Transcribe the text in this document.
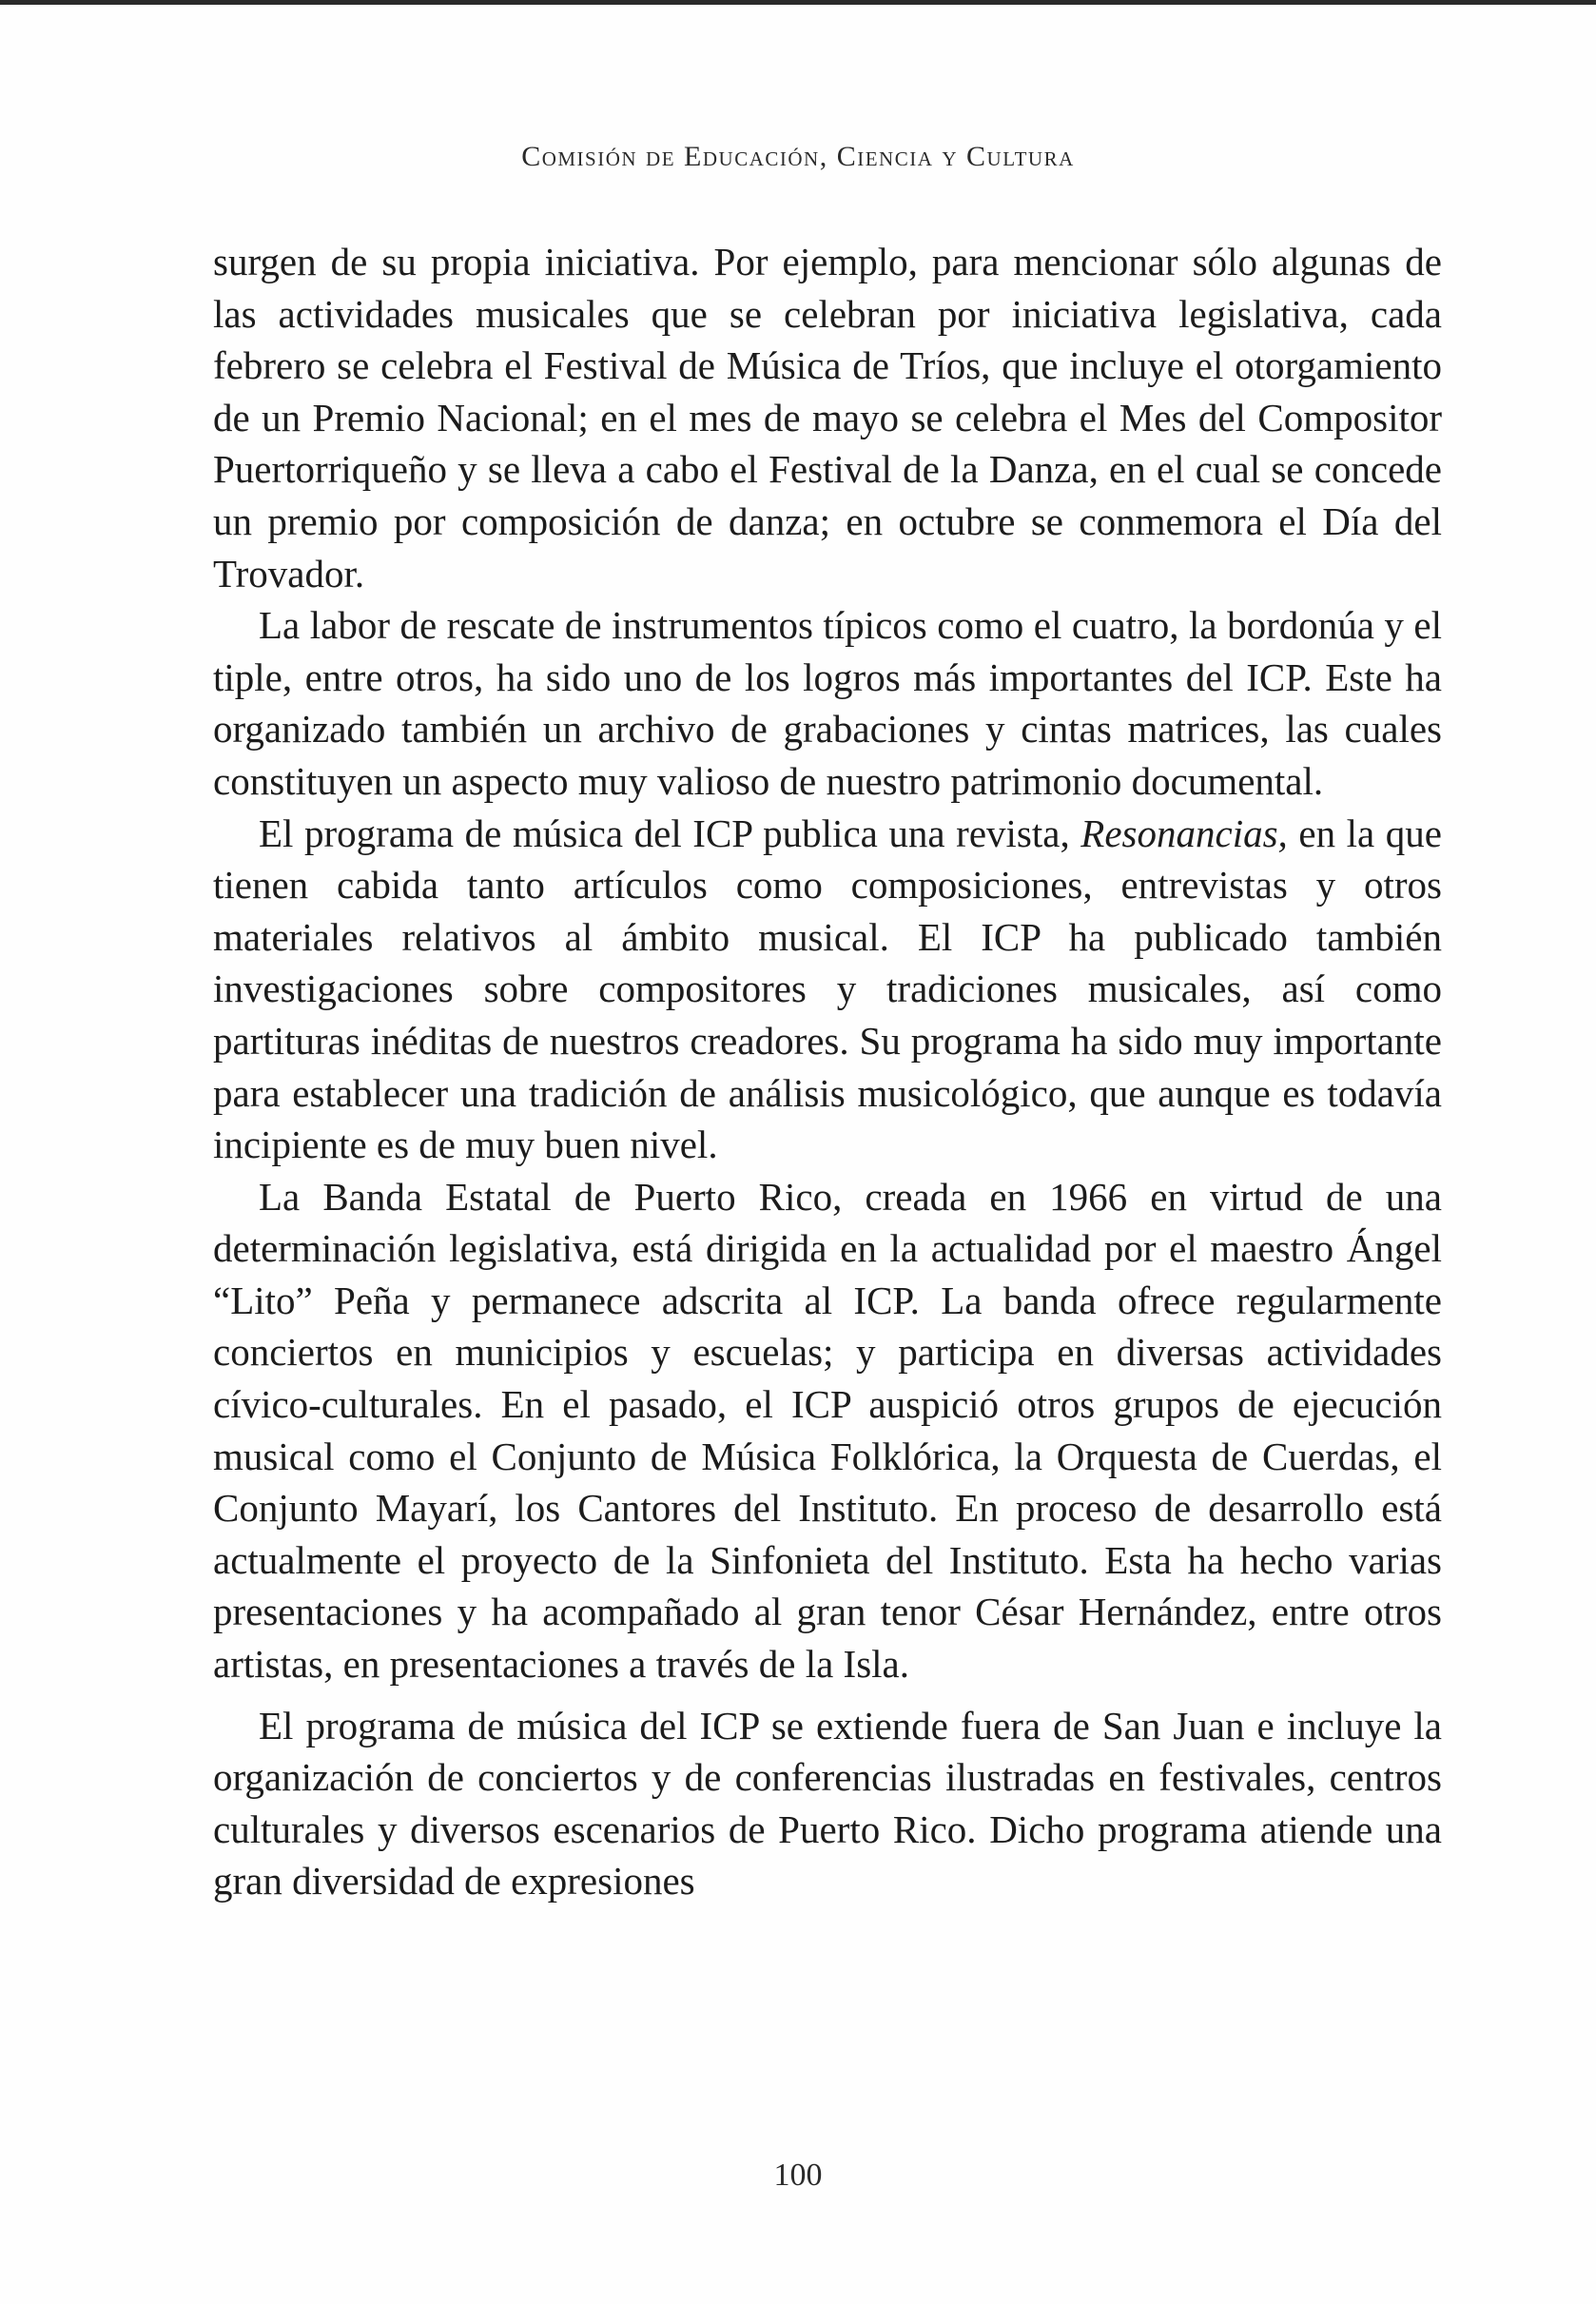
Comisión de Educación, Ciencia y Cultura

surgen de su propia iniciativa. Por ejemplo, para mencionar sólo algunas de las actividades musicales que se celebran por iniciativa legislativa, cada febrero se celebra el Festival de Música de Tríos, que incluye el otorgamiento de un Premio Nacional; en el mes de mayo se celebra el Mes del Compositor Puertorriqueño y se lleva a cabo el Festival de la Danza, en el cual se concede un premio por composición de danza; en octubre se conmemora el Día del Trovador.

La labor de rescate de instrumentos típicos como el cuatro, la bordonúa y el tiple, entre otros, ha sido uno de los logros más importantes del ICP. Este ha organizado también un archivo de grabaciones y cintas matrices, las cuales constituyen un aspecto muy valioso de nuestro patrimonio documental.

El programa de música del ICP publica una revista, Resonancias, en la que tienen cabida tanto artículos como composiciones, entrevistas y otros materiales relativos al ámbito musical. El ICP ha publicado también investigaciones sobre compositores y tradiciones musicales, así como partituras inéditas de nuestros creadores. Su programa ha sido muy importante para establecer una tradición de análisis musicológico, que aunque es todavía incipiente es de muy buen nivel.

La Banda Estatal de Puerto Rico, creada en 1966 en virtud de una determinación legislativa, está dirigida en la actualidad por el maestro Ángel “Lito” Peña y permanece adscrita al ICP. La banda ofrece regularmente conciertos en municipios y escuelas; y participa en diversas actividades cívico-culturales. En el pasado, el ICP auspició otros grupos de ejecución musical como el Conjunto de Música Folklórica, la Orquesta de Cuerdas, el Conjunto Mayarí, los Cantores del Instituto. En proceso de desarrollo está actualmente el proyecto de la Sinfonieta del Instituto. Esta ha hecho varias presentaciones y ha acompañado al gran tenor César Hernández, entre otros artistas, en presentaciones a través de la Isla.

El programa de música del ICP se extiende fuera de San Juan e incluye la organización de conciertos y de conferencias ilustradas en festivales, centros culturales y diversos escenarios de Puerto Rico. Dicho programa atiende una gran diversidad de expresiones

100
